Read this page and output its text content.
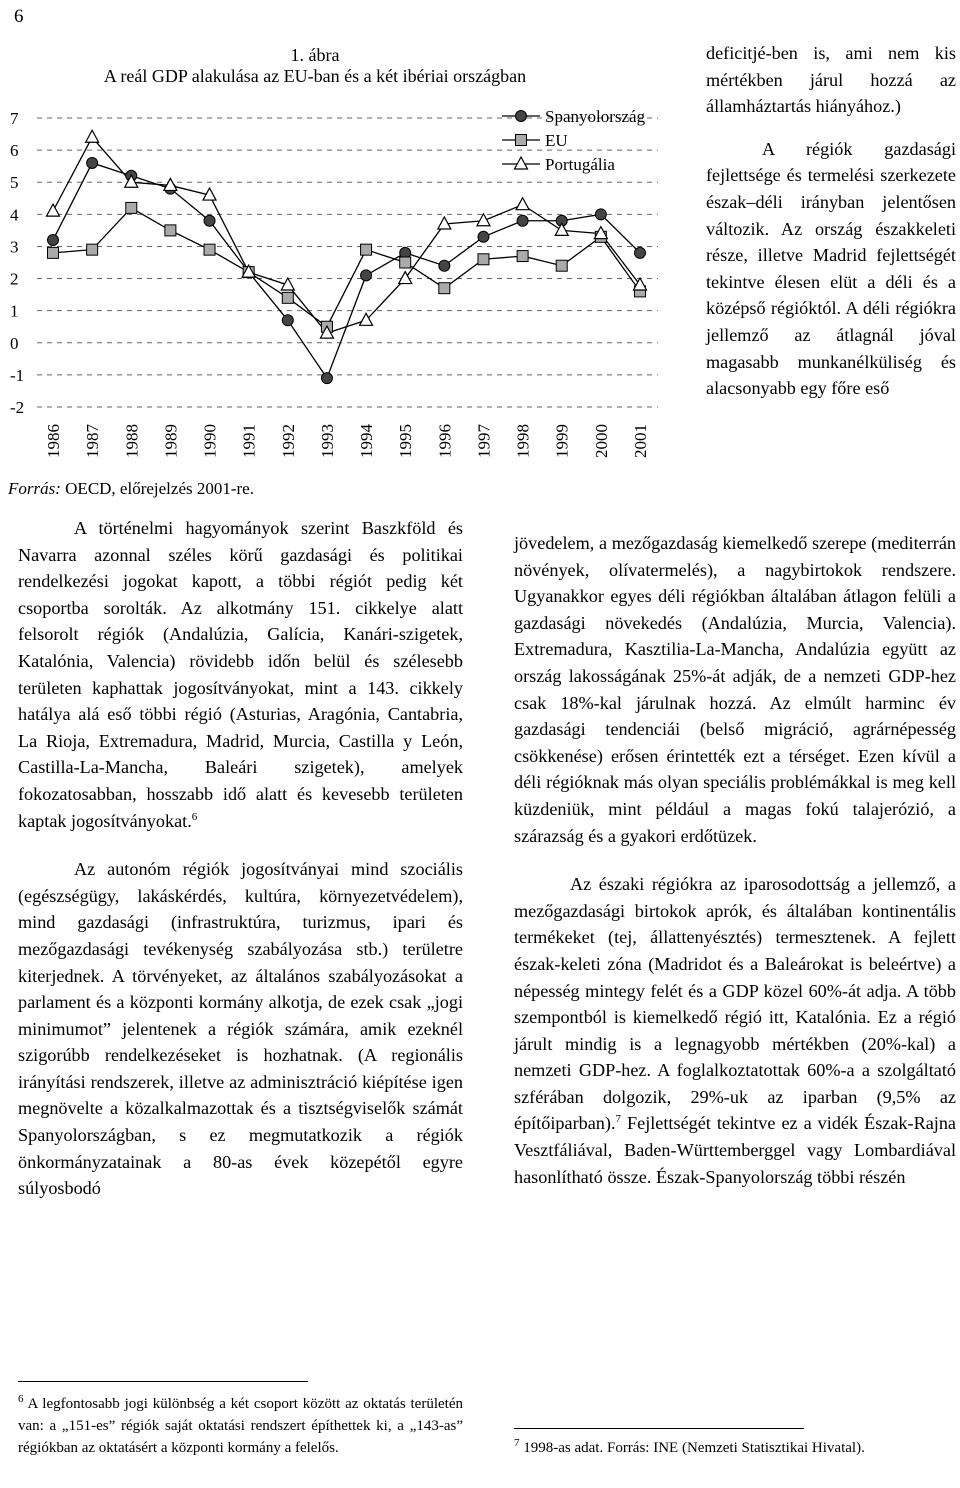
6
1. ábra
A reál GDP alakulása az EU-ban és a két ibériai országban
7
6
5
4
3
2
1
0
-1
-2
1986 1987 1988 1989 1990 1991 1992 1993 1994 1995 1996 1997 1998 1999 2000 2001
Spanyolország
EU
Portugália
Forrás: OECD, előrejelzés 2001-re.

deficitjé-ben is, ami nem kis mértékben járul hozzá az államháztartás hiányához.)

A régiók gazdasági fejlettsége és termelési szerkezete észak–déli irányban jelentősen változik. Az ország északkeleti része, illetve Madrid fejlettségét tekintve élesen elüt a déli és a középső régióktól. A déli régiókra jellemző az átlagnál jóval magasabb munkanélküliség és alacsonyabb egy főre eső

jövedelem, a mezőgazdaság kiemelkedő szerepe (mediterrán növények, olívatermelés), a nagybirtokok rendszere. Ugyanakkor egyes déli régiókban általában átlagon felüli a gazdasági növekedés (Andalúzia, Murcia, Valencia). Extremadura, Kasztilia-La-Mancha, Andalúzia együtt az ország lakosságának 25%-át adják, de a nemzeti GDP-hez csak 18%-kal járulnak hozzá. Az elmúlt harminc év gazdasági tendenciái (belső migráció, agrárnépesség csökkenése) erősen érintették ezt a térséget. Ezen kívül a déli régióknak más olyan speciális problémákkal is meg kell küzdeniük, mint például a magas fokú talajerózió, a szárazság és a gyakori erdőtüzek.

Az északi régiókra az iparosodottság a jellemző, a mezőgazdasági birtokok aprók, és általában kontinentális termékeket (tej, állattenyésztés) termesztenek. A fejlett észak-keleti zóna (Madridot és a Baleárokat is beleértve) a népesség mintegy felét és a GDP közel 60%-át adja. A több szempontból is kiemelkedő régió itt, Katalónia. Ez a régió járult mindig is a legnagyobb mértékben (20%-kal) a nemzeti GDP-hez. A foglalkoztatottak 60%-a a szolgáltató szférában dolgozik, 29%-uk az iparban (9,5% az építőiparban).$^7$ Fejlettségét tekintve ez a vidék Észak-Rajna Vesztfáliával, Baden-Württemberggel vagy Lombardiával hasonlítható össze. Észak-Spanyolország többi részén

A történelmi hagyományok szerint Baszkföld és Navarra azonnal széles körű gazdasági és politikai rendelkezési jogokat kapott, a többi régiót pedig két csoportba sorolták. Az alkotmány 151. cikkelye alatt felsorolt régiók (Andalúzia, Galícia, Kanári-szigetek, Katalónia, Valencia) rövidebb időn belül és szélesebb területen kaphattak jogosítványokat, mint a 143. cikkely hatálya alá eső többi régió (Asturias, Aragónia, Cantabria, La Rioja, Extremadura, Madrid, Murcia, Castilla y León, Castilla-La-Mancha, Baleári szigetek), amelyek fokozatosabban, hosszabb idő alatt és kevesebb területen kaptak jogosítványokat.$^6$

Az autonóm régiók jogosítványai mind szociális (egészségügy, lakáskérdés, kultúra, környezetvédelem), mind gazdasági (infrastruktúra, turizmus, ipari és mezőgazdasági tevékenység szabályozása stb.) területre kiterjednek. A törvényeket, az általános szabályozásokat a parlament és a központi kormány alkotja, de ezek csak „jogi minimumot” jelentenek a régiók számára, amik ezeknél szigorúbb rendelkezéseket is hozhatnak. (A regionális irányítási rendszerek, illetve az adminisztráció kiépítése igen megnövelte a közalkalmazottak és a tisztségviselők számát Spanyolországban, s ez megmutatkozik a régiók önkormányzatainak a 80-as évek közepétől egyre súlyosbodó

$^6$ A legfontosabb jogi különbség a két csoport között az oktatás területén van: a „151-es” régiók saját oktatási rendszert építhettek ki, a „143-as” régiókban az oktatásért a központi kormány a felelős.	$^7$ 1998-as adat. Forrás: INE (Nemzeti Statisztikai Hivatal).
